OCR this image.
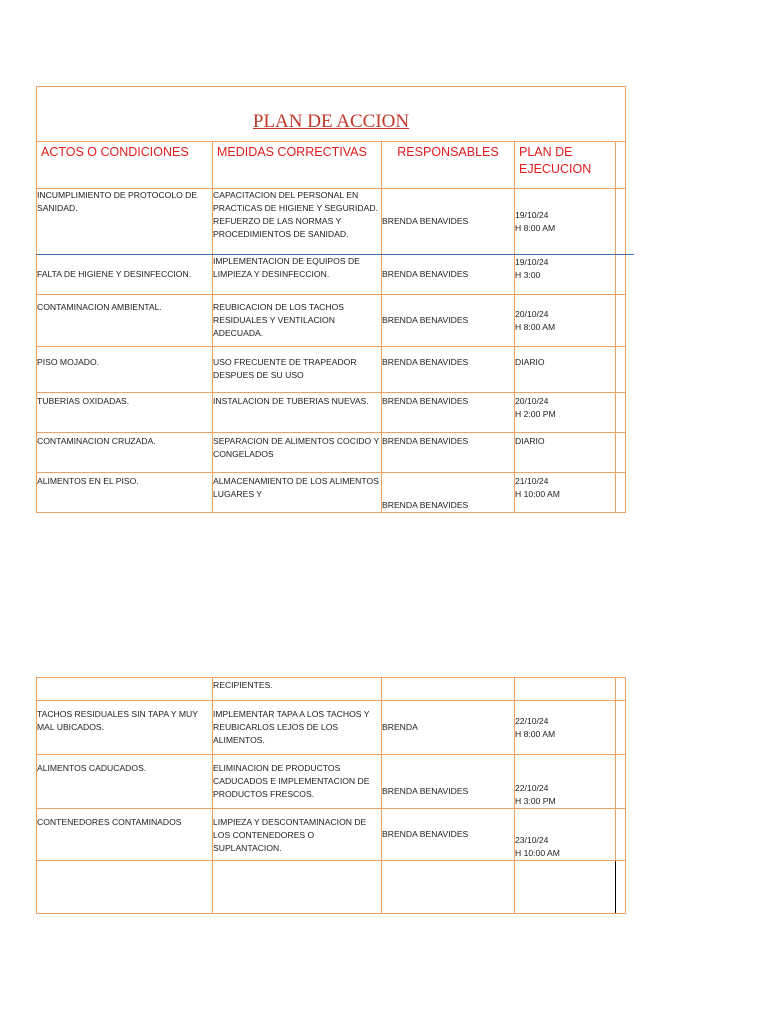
PLAN DE ACCION				

ACTOS O CONDICIONES	MEDIDAS CORRECTIVAS	RESPONSABLES	PLAN DE EJECUCION	

INCUMPLIMIENTO DE PROTOCOLO DE SANIDAD.	CAPACITACION DEL PERSONAL EN PRACTICAS DE HIGIENE Y SEGURIDAD.
REFUERZO DE LAS NORMAS Y PROCEDIMIENTOS DE SANIDAD.	BRENDA BENAVIDES	19/10/24
H 8:00 AM	

FALTA DE HIGIENE Y DESINFECCION.	IMPLEMENTACION DE EQUIPOS DE LIMPIEZA Y DESINFECCION.	BRENDA BENAVIDES	19/10/24
H 3:00	

CONTAMINACION AMBIENTAL.	REUBICACION DE LOS TACHOS RESIDUALES Y VENTILACION ADECUADA.	BRENDA BENAVIDES	20/10/24
H 8:00 AM	

PISO MOJADO.	USO FRECUENTE DE TRAPEADOR DESPUES DE SU USO	BRENDA BENAVIDES	DIARIO	

TUBERIAS OXIDADAS.	INSTALACION DE TUBERIAS NUEVAS.	BRENDA BENAVIDES	20/10/24
H 2:00 PM	

CONTAMINACION CRUZADA.	SEPARACION DE ALIMENTOS COCIDO Y CONGELADOS	BRENDA BENAVIDES	DIARIO	

ALIMENTOS EN EL PISO.	ALMACENAMIENTO DE LOS ALIMENTOS LUGARES Y	BRENDA BENAVIDES	21/10/24
H 10:00 AM	

	RECIPIENTES.			

TACHOS RESIDUALES SIN TAPA Y MUY MAL UBICADOS.	IMPLEMENTAR TAPA A LOS TACHOS Y REUBICARLOS LEJOS DE LOS ALIMENTOS.	BRENDA	22/10/24
H 8:00 AM	

ALIMENTOS CADUCADOS.	ELIMINACION DE PRODUCTOS CADUCADOS E IMPLEMENTACION DE PRODUCTOS FRESCOS.	BRENDA BENAVIDES	22/10/24
H 3:00 PM	

CONTENEDORES CONTAMINADOS	LIMPIEZA Y DESCONTAMINACION DE LOS CONTENEDORES O SUPLANTACION.	BRENDA BENAVIDES	23/10/24
H 10:00 AM	
